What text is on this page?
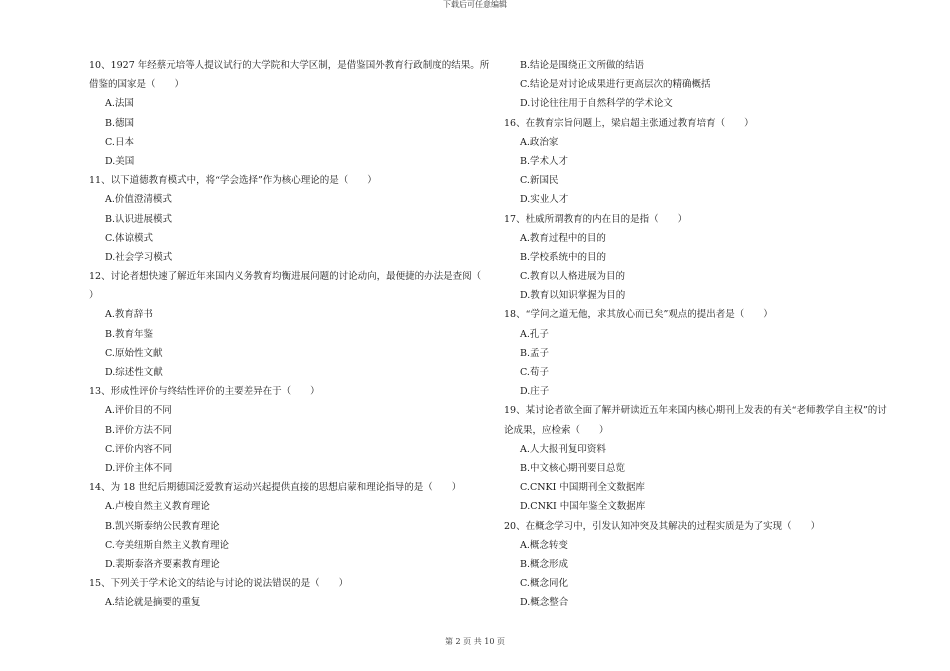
下载后可任意编辑
10、1927 年经蔡元培等人提议试行的大学院和大学区制，是借鉴国外教育行政制度的结果。所
借鉴的国家是（　　）
A.法国
B.德国
C.日本
D.美国
11、以下道德教育模式中，将“学会选择”作为核心理论的是（　　）
A.价值澄清模式
B.认识进展模式
C.体谅模式
D.社会学习模式
12、讨论者想快速了解近年来国内义务教育均衡进展问题的讨论动向，最便捷的办法是查阅（
）
A.教育辞书
B.教育年鉴
C.原始性文献
D.综述性文献
13、形成性评价与终结性评价的主要差异在于（　　）
A.评价目的不同
B.评价方法不同
C.评价内容不同
D.评价主体不同
14、为 18 世纪后期德国泛爱教育运动兴起提供直接的思想启蒙和理论指导的是（　　）
A.卢梭自然主义教育理论
B.凯兴斯泰纳公民教育理论
C.夸美纽斯自然主义教育理论
D.裴斯泰洛齐要素教育理论
15、下列关于学术论文的结论与讨论的说法错误的是（　　）
A.结论就是摘要的重复
B.结论是围绕正文所做的结语
C.结论是对讨论成果进行更高层次的精确概括
D.讨论往往用于自然科学的学术论文
16、在教育宗旨问题上，梁启超主张通过教育培育（　　）
A.政治家
B.学术人才
C.新国民
D.实业人才
17、杜威所谓教育的内在目的是指（　　）
A.教育过程中的目的
B.学校系统中的目的
C.教育以人格进展为目的
D.教育以知识掌握为目的
18、“学问之道无他，求其放心而已矣”观点的提出者是（　　）
A.孔子
B.孟子
C.荀子
D.庄子
19、某讨论者欲全面了解并研读近五年来国内核心期刊上发表的有关“老师教学自主权”的讨
论成果，应检索（　　）
A.人大报刊复印资料
B.中文核心期刊要目总览
C.CNKI 中国期刊全文数据库
D.CNKI 中国年鉴全文数据库
20、在概念学习中，引发认知冲突及其解决的过程实质是为了实现（　　）
A.概念转变
B.概念形成
C.概念同化
D.概念整合
第 2 页 共 10 页
